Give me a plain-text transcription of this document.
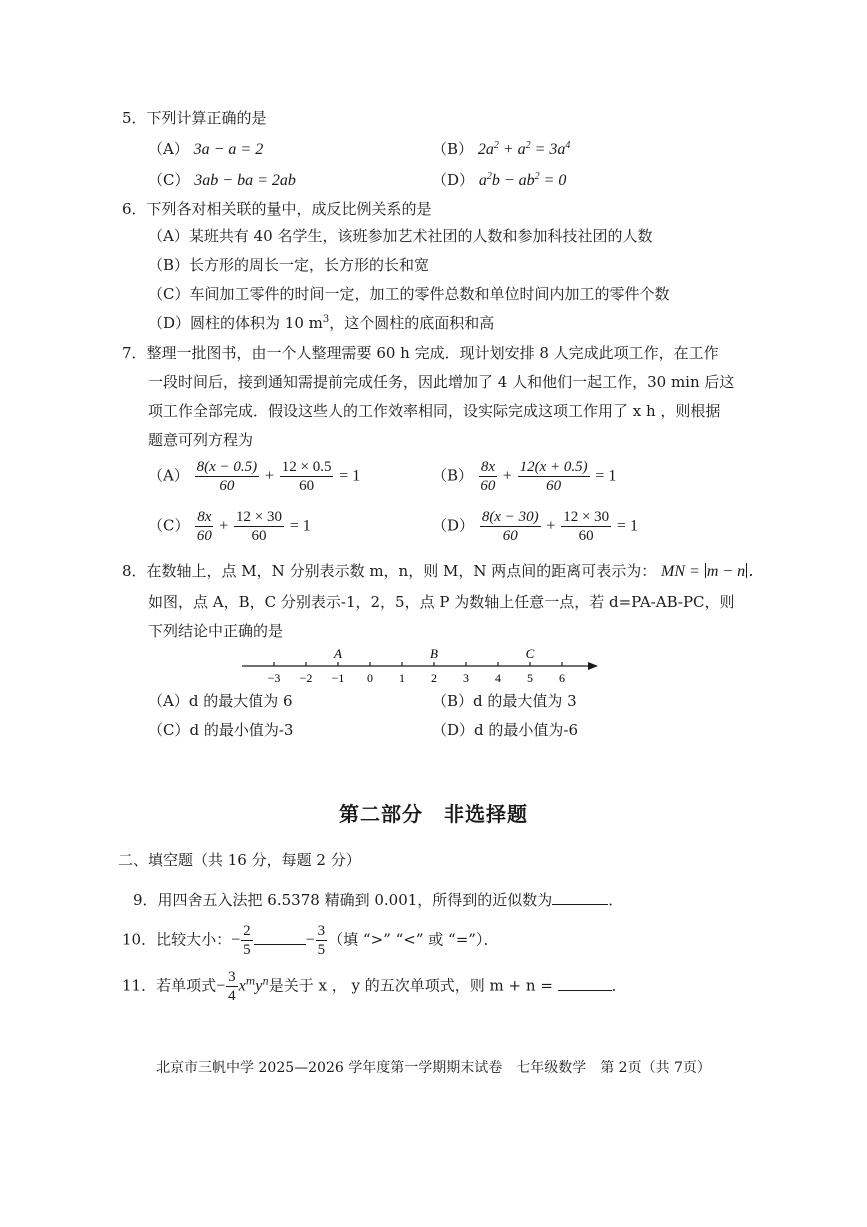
5．下列计算正确的是
（A） 3a − a = 2	（B） $2a^2 + a^2 = 3a^4$
（C） 3ab − ba = 2ab	（D） $a^2b - ab^2 = 0$
6．下列各对相关联的量中，成反比例关系的是
（A）某班共有 40 名学生，该班参加艺术社团的人数和参加科技社团的人数
（B）长方形的周长一定，长方形的长和宽
（C）车间加工零件的时间一定，加工的零件总数和单位时间内加工的零件个数
（D）圆柱的体积为 10 $m^3$，这个圆柱的底面积和高
7．整理一批图书，由一个人整理需要 60 h 完成．现计划安排 8 人完成此项工作，在工作
一段时间后，接到通知需提前完成任务，因此增加了 4 人和他们一起工作，30 min 后这
项工作全部完成．假设这些人的工作效率相同，设实际完成这项工作用了 x h ，则根据
题意可列方程为
$(A) \frac{8(x - 0.5)}{60} + \frac{12 \times 0.5}{60} = 1$	$(B) \frac{8x}{60} + \frac{12(x + 0.5)}{60} = 1$
$(C) \frac{8x}{60} + \frac{12 \times 30}{60} = 1$	$(D) \frac{8(x - 30)}{60} + \frac{12 \times 30}{60} = 1$
8．在数轴上，点 M，N 分别表示数 m，n，则 M，N 两点间的距离可表示为： MN = m − n ．
如图，点 A，B，C 分别表示-1，2，5，点 P 为数轴上任意一点，若 d=PA-AB-PC，则
下列结论中正确的是
−3 −2 −1 0 1 2 3 4 5 6
A	B	C
（A）d 的最大值为 6	（B）d 的最大值为 3
（C）d 的最小值为-3	（D）d 的最小值为-6
第二部分　非选择题
二、填空题（共 16 分，每题 2 分）
9．用四舍五入法把 6.5378 精确到 0.001，所得到的近似数为	．
10．比较大小：− $\frac{2}{5}$	− $\frac{3}{5}$ （填 “>” “<” 或 “=”）．
11．若单项式− $\frac{3}{4} x^my^n$是关于 x ， y 的五次单项式，则 m + n =	．
北京市三帆中学 2025—2026 学年度第一学期期末试卷　七年级数学　第 2页（共 7页）
